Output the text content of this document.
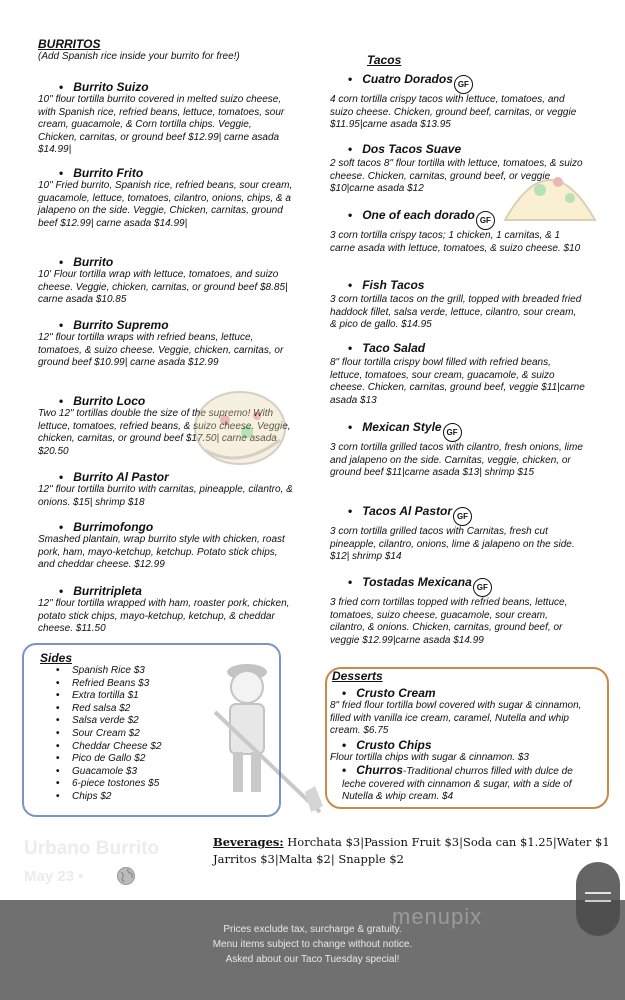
BURRITOS
(Add Spanish rice inside your burrito for free!)
• Burrito Suizo
10" flour tortilla burrito covered in melted suizo cheese, with Spanish rice, refried beans, lettuce, tomatoes, sour cream, guacamole, & Corn tortilla chips. Veggie, Chicken, carnitas, or ground beef $12.99| carne asada $14.99|
• Burrito Frito
10" Fried burrito, Spanish rice, refried beans, sour cream, guacamole, lettuce, tomatoes, cilantro, onions, chips, & a jalapeno on the side. Veggie, Chicken, carnitas, ground beef $12.99| carne asada $14.99|
• Burrito
10' Flour tortilla wrap with lettuce, tomatoes, and suizo cheese. Veggie, chicken, carnitas, or ground beef $8.85| carne asada $10.85
• Burrito Supremo
12" flour tortilla wraps with refried beans, lettuce, tomatoes, & suizo cheese. Veggie, chicken, carnitas, or ground beef $10.99| carne asada $12.99
• Burrito Loco
Two 12" tortillas double the size of the supremo! With lettuce, tomatoes, refried beans, & suizo cheese. Veggie, chicken, carnitas, or ground beef $17.50| carne asada $20.50
• Burrito Al Pastor
12" flour tortilla burrito with carnitas, pineapple, cilantro, & onions. $15| shrimp $18
• Burrimofongo
Smashed plantain, wrap burrito style with chicken, roast pork, ham, mayo-ketchup, ketchup. Potato stick chips, and cheddar cheese. $12.99
• Burritripleta
12" flour tortilla wrapped with ham, roaster pork, chicken, potato stick chips, mayo-ketchup, ketchup, & cheddar cheese. $11.50
Tacos
• Cuatro Dorados GF
4 corn tortilla crispy tacos with lettuce, tomatoes, and suizo cheese. Chicken, ground beef, carnitas, or veggie $11.95|carne asada $13.95
• Dos Tacos Suave
2 soft tacos 8" flour tortilla with lettuce, tomatoes, & suizo cheese. Chicken, carnitas, ground beef, or veggie $10|carne asada $12
• One of each dorado GF
3 corn tortilla crispy tacos; 1 chicken, 1 carnitas, & 1 carne asada with lettuce, tomatoes, & suizo cheese. $10
• Fish Tacos
3 corn tortilla tacos on the grill, topped with breaded fried haddock fillet, salsa verde, lettuce, cilantro, sour cream, & pico de gallo. $14.95
• Taco Salad
8" flour tortilla crispy bowl filled with refried beans, lettuce, tomatoes, sour cream, guacamole, & suizo cheese. Chicken, carnitas, ground beef, veggie $11|carne asada $13
• Mexican Style GF
3 corn tortilla grilled tacos with cilantro, fresh onions, lime and jalapeno on the side. Carnitas, veggie, chicken, or ground beef $11|carne asada $13| shrimp $15
• Tacos Al Pastor GF
3 corn tortilla grilled tacos with Carnitas, fresh cut pineapple, cilantro, onions, lime & jalapeno on the side. $12| shrimp $14
• Tostadas Mexicana GF
3 fried corn tortillas topped with refried beans, lettuce, tomatoes, suizo cheese, guacamole, sour cream, cilantro, & onions. Chicken, carnitas, ground beef, or veggie $12.99|carne asada $14.99
Sides
• Spanish Rice $3
• Refried Beans $3
• Extra tortilla $1
• Red salsa $2
• Salsa verde $2
• Sour Cream $2
• Cheddar Cheese $2
• Pico de Gallo $2
• Guacamole $3
• 6-piece tostones $5
• Chips $2
Desserts
• Crusto Cream
8" fried flour tortilla bowl covered with sugar & cinnamon, filled with vanilla ice cream, caramel, Nutella and whip cream. $6.75
• Crusto Chips
Flour tortilla chips with sugar & cinnamon. $3
• Churros-Traditional churros filled with dulce de leche covered with cinnamon & sugar, with a side of Nutella & whip cream. $4
Beverages: Horchata $3|Passion Fruit $3|Soda can $1.25|Water $1
Jarritos $3|Malta $2| Snapple $2
Urbano Burrito
May 23 •
menupix
Prices exclude tax, surcharge & gratuity.
Menu items subject to change without notice.
Asked about our Taco Tuesday special!
